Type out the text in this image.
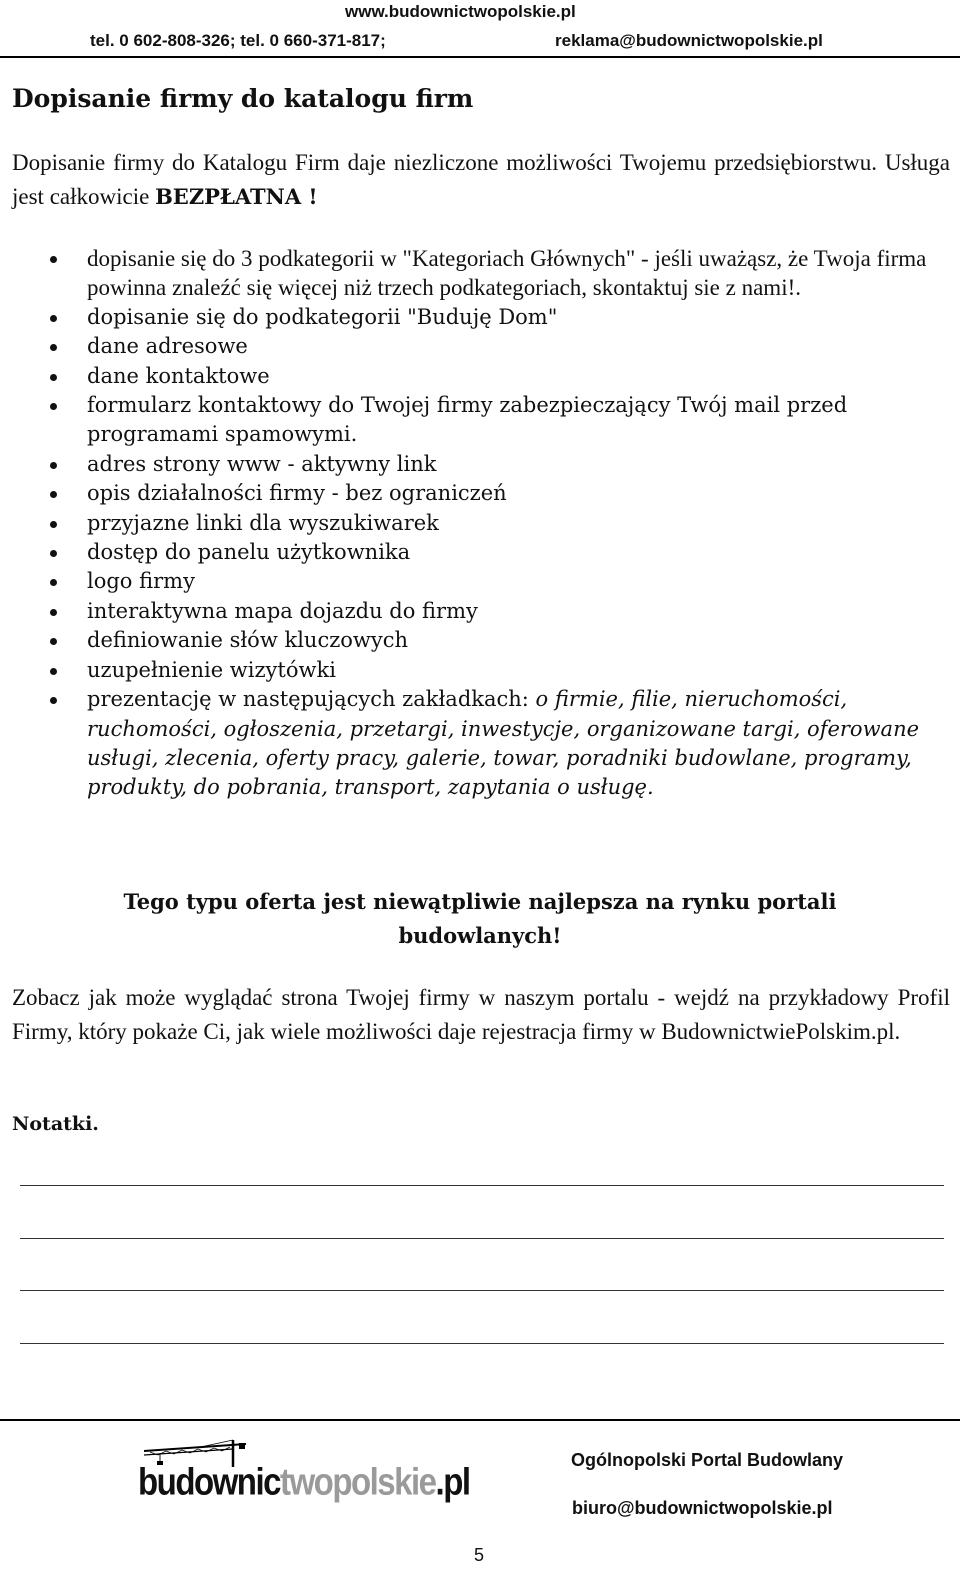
www.budownictwopolskie.pl
tel. 0 602-808-326; tel. 0 660-371-817;	reklama@budownictwopolskie.pl
Dopisanie firmy do katalogu firm

Dopisanie firmy do Katalogu Firm daje niezliczone możliwości Twojemu przedsiębiorstwu. Usługa jest całkowicie BEZPŁATNA !

dopisanie się do 3 podkategorii w "Kategoriach Głównych" - jeśli uważąsz, że Twoja firma powinna znaleźć się więcej niż trzech podkategoriach, skontaktuj sie z nami!.
dopisanie się do podkategorii "Buduję Dom"
dane adresowe
dane kontaktowe
formularz kontaktowy do Twojej firmy zabezpieczający Twój mail przed programami spamowymi.
adres strony www - aktywny link
opis działalności firmy - bez ograniczeń
przyjazne linki dla wyszukiwarek
dostęp do panelu użytkownika
logo firmy
interaktywna mapa dojazdu do firmy
definiowanie słów kluczowych
uzupełnienie wizytówki
prezentację w następujących zakładkach: o firmie, filie, nieruchomości, ruchomości, ogłoszenia, przetargi, inwestycje, organizowane targi, oferowane usługi, zlecenia, oferty pracy, galerie, towar, poradniki budowlane, programy, produkty, do pobrania, transport, zapytania o usługę.

Tego typu oferta jest niewątpliwie najlepsza na rynku portali budowlanych!

Zobacz jak może wyglądać strona Twojej firmy w naszym portalu - wejdź na przykładowy Profil Firmy, który pokaże Ci, jak wiele możliwości daje rejestracja firmy w BudownictwiePolskim.pl.

Notatki.
budownictwopolskie.pl	Ogólnopolski Portal Budowlany
biuro@budownictwopolskie.pl
5
